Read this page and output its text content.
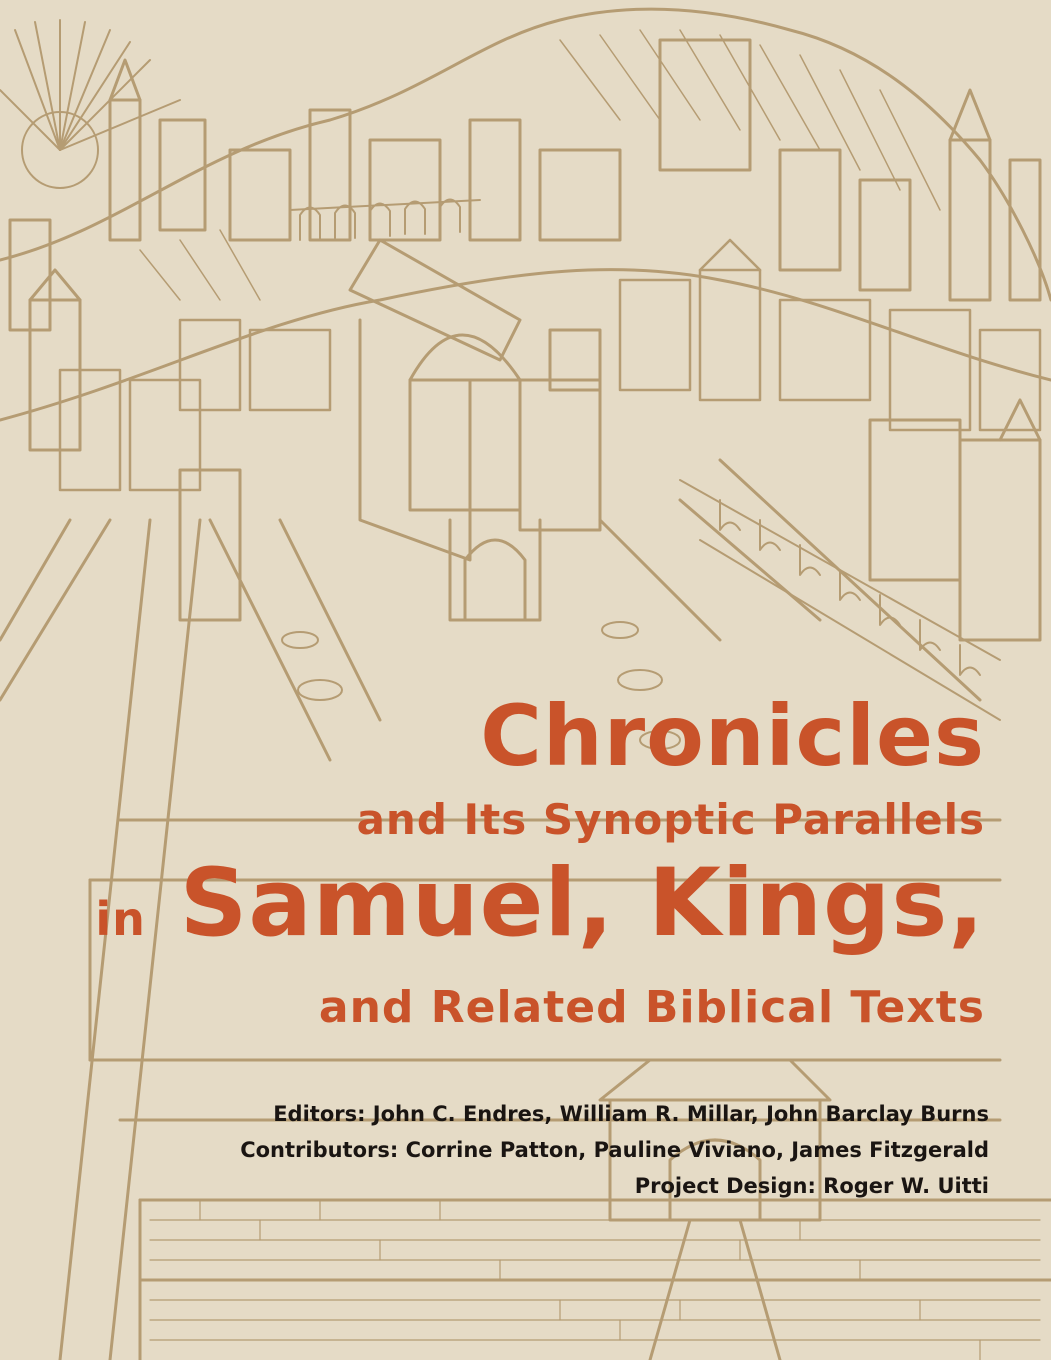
Chronicles
and Its Synoptic Parallels
in Samuel, Kings,
and Related Biblical Texts
Editors: John C. Endres, William R. Millar, John Barclay Burns
Contributors: Corrine Patton, Pauline Viviano, James Fitzgerald
Project Design: Roger W. Uitti
